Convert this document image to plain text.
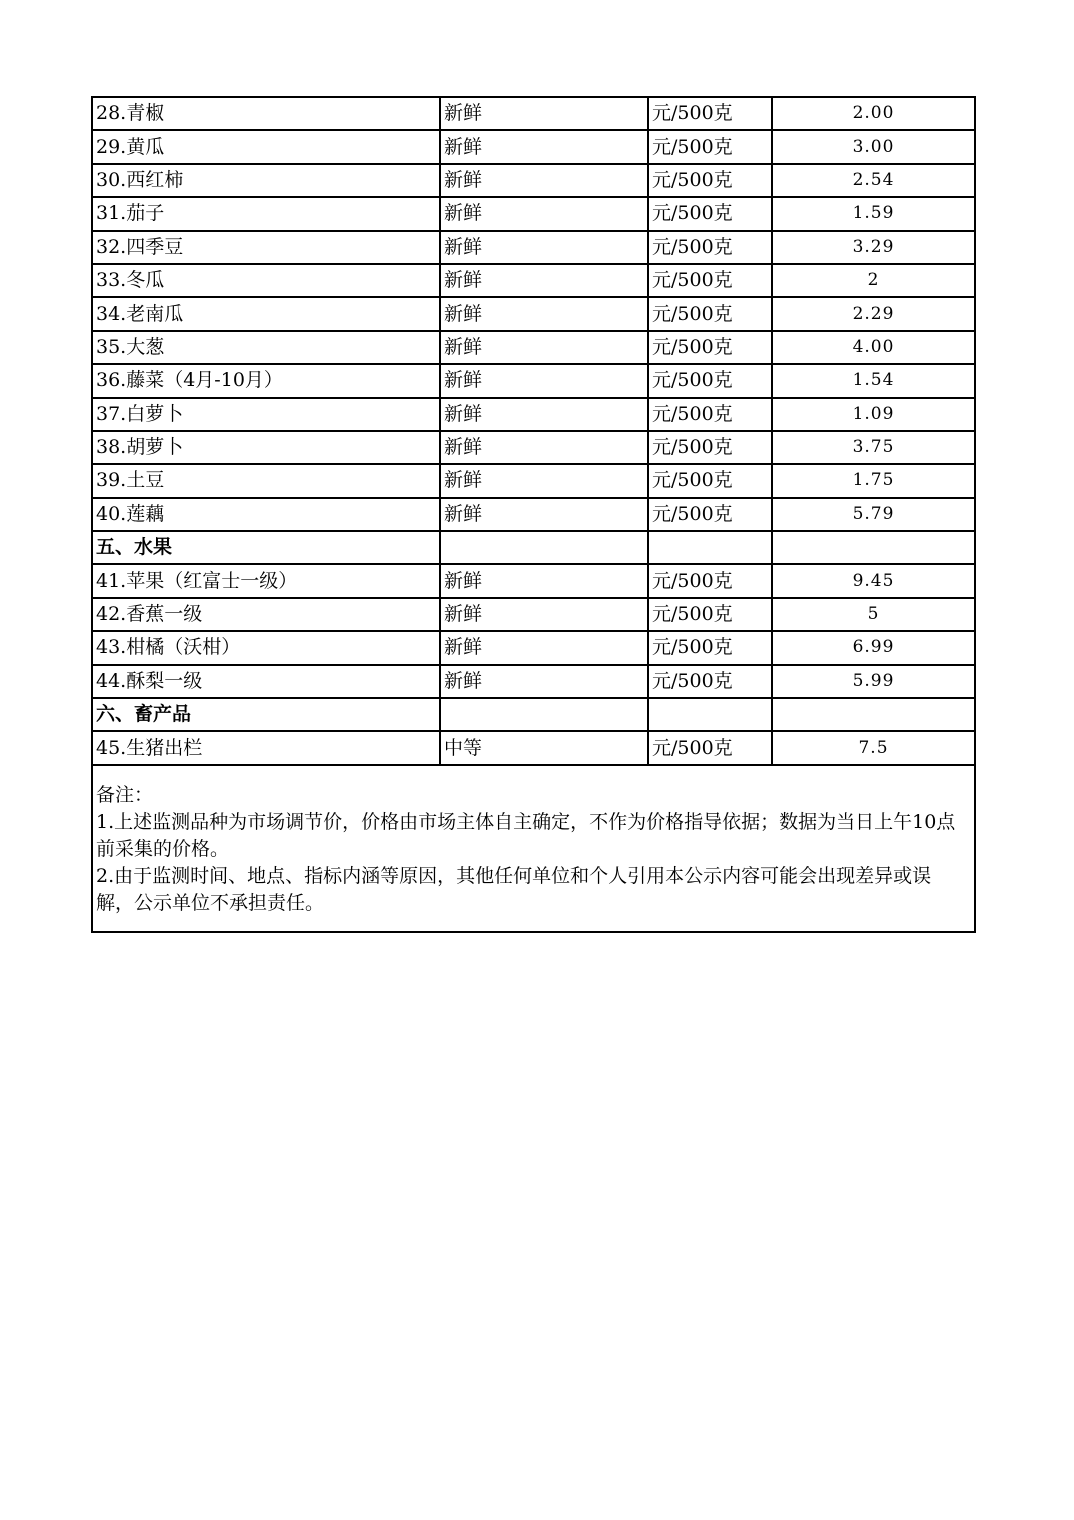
28.青椒	新鲜	元/500克	2.00
29.黄瓜	新鲜	元/500克	3.00
30.西红柿	新鲜	元/500克	2.54
31.茄子	新鲜	元/500克	1.59
32.四季豆	新鲜	元/500克	3.29
33.冬瓜	新鲜	元/500克	2
34.老南瓜	新鲜	元/500克	2.29
35.大葱	新鲜	元/500克	4.00
36.藤菜（4月-10月）	新鲜	元/500克	1.54
37.白萝卜	新鲜	元/500克	1.09
38.胡萝卜	新鲜	元/500克	3.75
39.土豆	新鲜	元/500克	1.75
40.莲藕	新鲜	元/500克	5.79
五、水果			
41.苹果（红富士一级）	新鲜	元/500克	9.45
42.香蕉一级	新鲜	元/500克	5
43.柑橘（沃柑）	新鲜	元/500克	6.99
44.酥梨一级	新鲜	元/500克	5.99
六、畜产品			
45.生猪出栏	中等	元/500克	7.5

备注：

1.上述监测品种为市场调节价，价格由市场主体自主确定，不作为价格指导依据；数据为当日上午10点前采集的价格。

2.由于监测时间、地点、指标内涵等原因，其他任何单位和个人引用本公示内容可能会出现差异或误解，公示单位不承担责任。			
